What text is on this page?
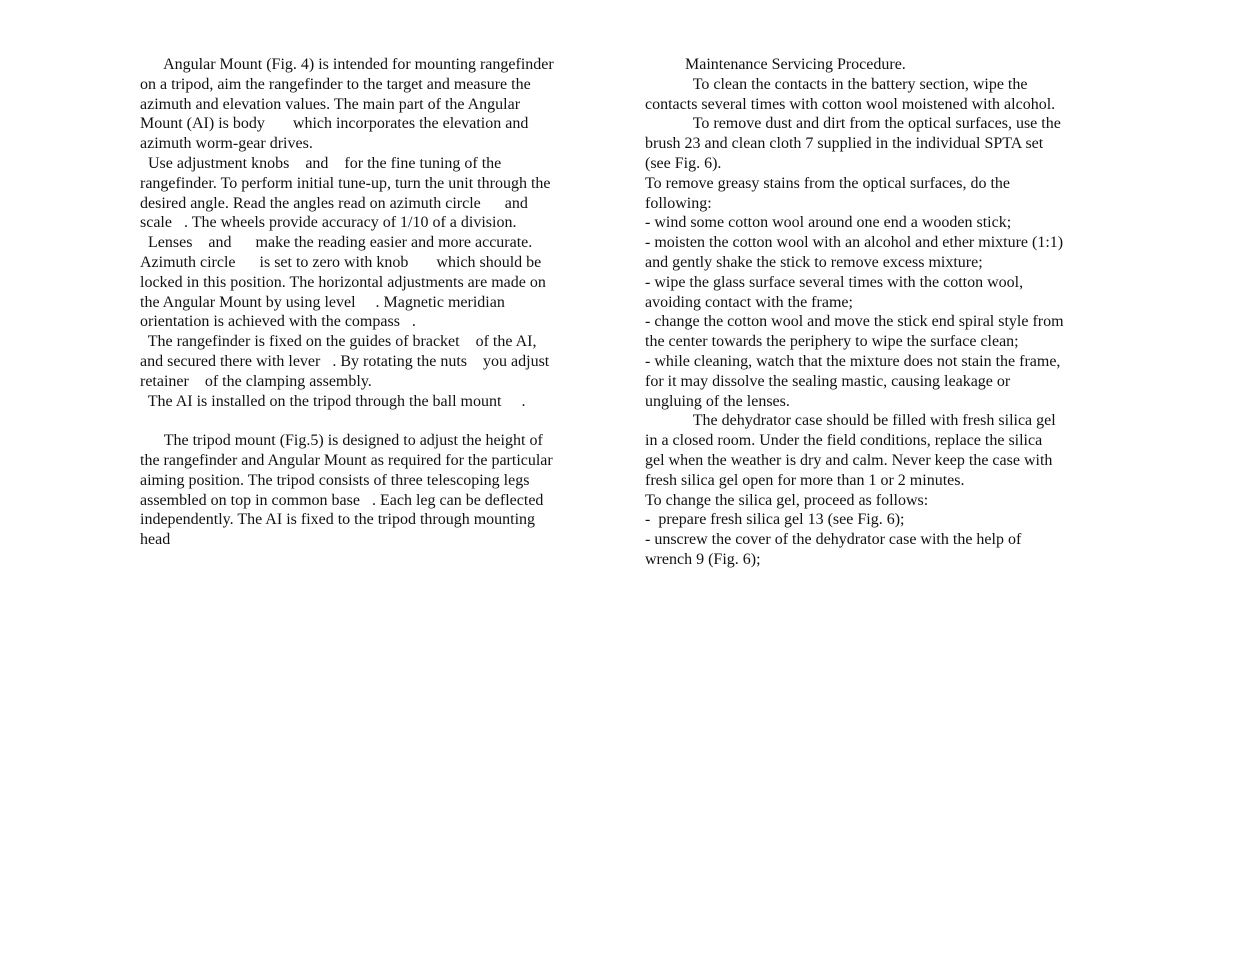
Angular Mount (Fig. 4) is intended for mounting rangefinder
on a tripod, aim the rangefinder to the target and measure the
azimuth and elevation values. The main part of the Angular
Mount (AI) is body       which incorporates the elevation and
azimuth worm-gear drives.
Use adjustment knobs    and    for the fine tuning of the
rangefinder. To perform initial tune-up, turn the unit through the
desired angle. Read the angles read on azimuth circle      and
scale   . The wheels provide accuracy of 1/10 of a division.
Lenses    and      make the reading easier and more accurate.
Azimuth circle      is set to zero with knob       which should be
locked in this position. The horizontal adjustments are made on
the Angular Mount by using level     . Magnetic meridian
orientation is achieved with the compass   .
The rangefinder is fixed on the guides of bracket    of the AI,
and secured there with lever   . By rotating the nuts    you adjust
retainer    of the clamping assembly.
The AI is installed on the tripod through the ball mount     .
The tripod mount (Fig.5) is designed to adjust the height of
the rangefinder and Angular Mount as required for the particular
aiming position. The tripod consists of three telescoping legs
assembled on top in common base   . Each leg can be deflected
independently. The AI is fixed to the tripod through mounting
head
Maintenance Servicing Procedure.
To clean the contacts in the battery section, wipe the
contacts several times with cotton wool moistened with alcohol.
To remove dust and dirt from the optical surfaces, use the
brush 23 and clean cloth 7 supplied in the individual SPTA set
(see Fig. 6).
To remove greasy stains from the optical surfaces, do the
following:
- wind some cotton wool around one end a wooden stick;
- moisten the cotton wool with an alcohol and ether mixture (1:1)
and gently shake the stick to remove excess mixture;
- wipe the glass surface several times with the cotton wool,
avoiding contact with the frame;
- change the cotton wool and move the stick end spiral style from
the center towards the periphery to wipe the surface clean;
- while cleaning, watch that the mixture does not stain the frame,
for it may dissolve the sealing mastic, causing leakage or
ungluing of the lenses.
The dehydrator case should be filled with fresh silica gel
in a closed room. Under the field conditions, replace the silica
gel when the weather is dry and calm. Never keep the case with
fresh silica gel open for more than 1 or 2 minutes.
To change the silica gel, proceed as follows:
-  prepare fresh silica gel 13 (see Fig. 6);
- unscrew the cover of the dehydrator case with the help of
wrench 9 (Fig. 6);
